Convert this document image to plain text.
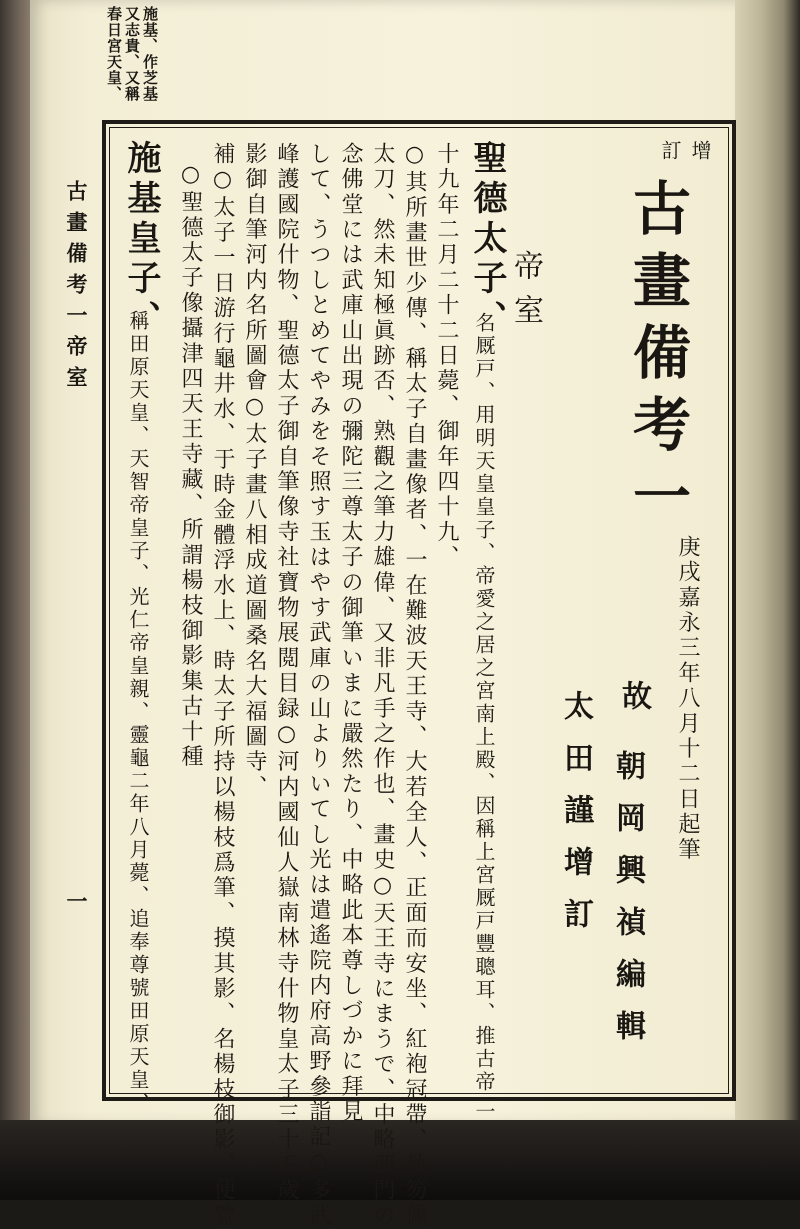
施基、作芝基
又志貴、又稱
春日宮天皇、
古畫備考一
帝室
一
增
訂
古畫備考一
庚戌嘉永三年八月十二日起筆
故
朝岡興禎編輯
太田謹增訂
帝室
聖德太子、
名厩戸、用明天皇皇子、帝愛之居之宮南上殿、因稱上宮厩戸豐聰耳、推古帝二
十九年二月二十二日薨、御年四十九、
○其所畫世少傳、稱太子自畫像者、一在難波天王寺、大若全人、正面而安坐、紅袍冠帶、執笏佩
太刀、然未知極眞跡否、熟觀之筆力雄偉、又非凡手之作也、畫史○天王寺にまうで、中略西門の
念佛堂には武庫山出現の彌陀三尊太子の御筆いまに嚴然たり、中略此本尊しづかに拜見
して、うつしとめてやみをそ照す玉はやす武庫の山よりいてし光は遣遙院内府高野參詣記○多武
峰護國院什物、聖德太子御自筆像寺社寶物展閲目録○河内國仙人嶽南林寺什物皇太子三十五歲
影御自筆河内名所圖會○太子畫八相成道圖桑名大福圖寺、
補○太子一日游行龜井水、于時金體浮水上、時太子所持以楊枝爲筆、摸其影、名楊枝御影、便覽
○聖德太子像攝津四天王寺藏、所謂楊枝御影集古十種
施基皇子、
稱田原天皇、天智帝皇子、光仁帝皇親、靈龜二年八月薨、追奉尊號田原天皇、
